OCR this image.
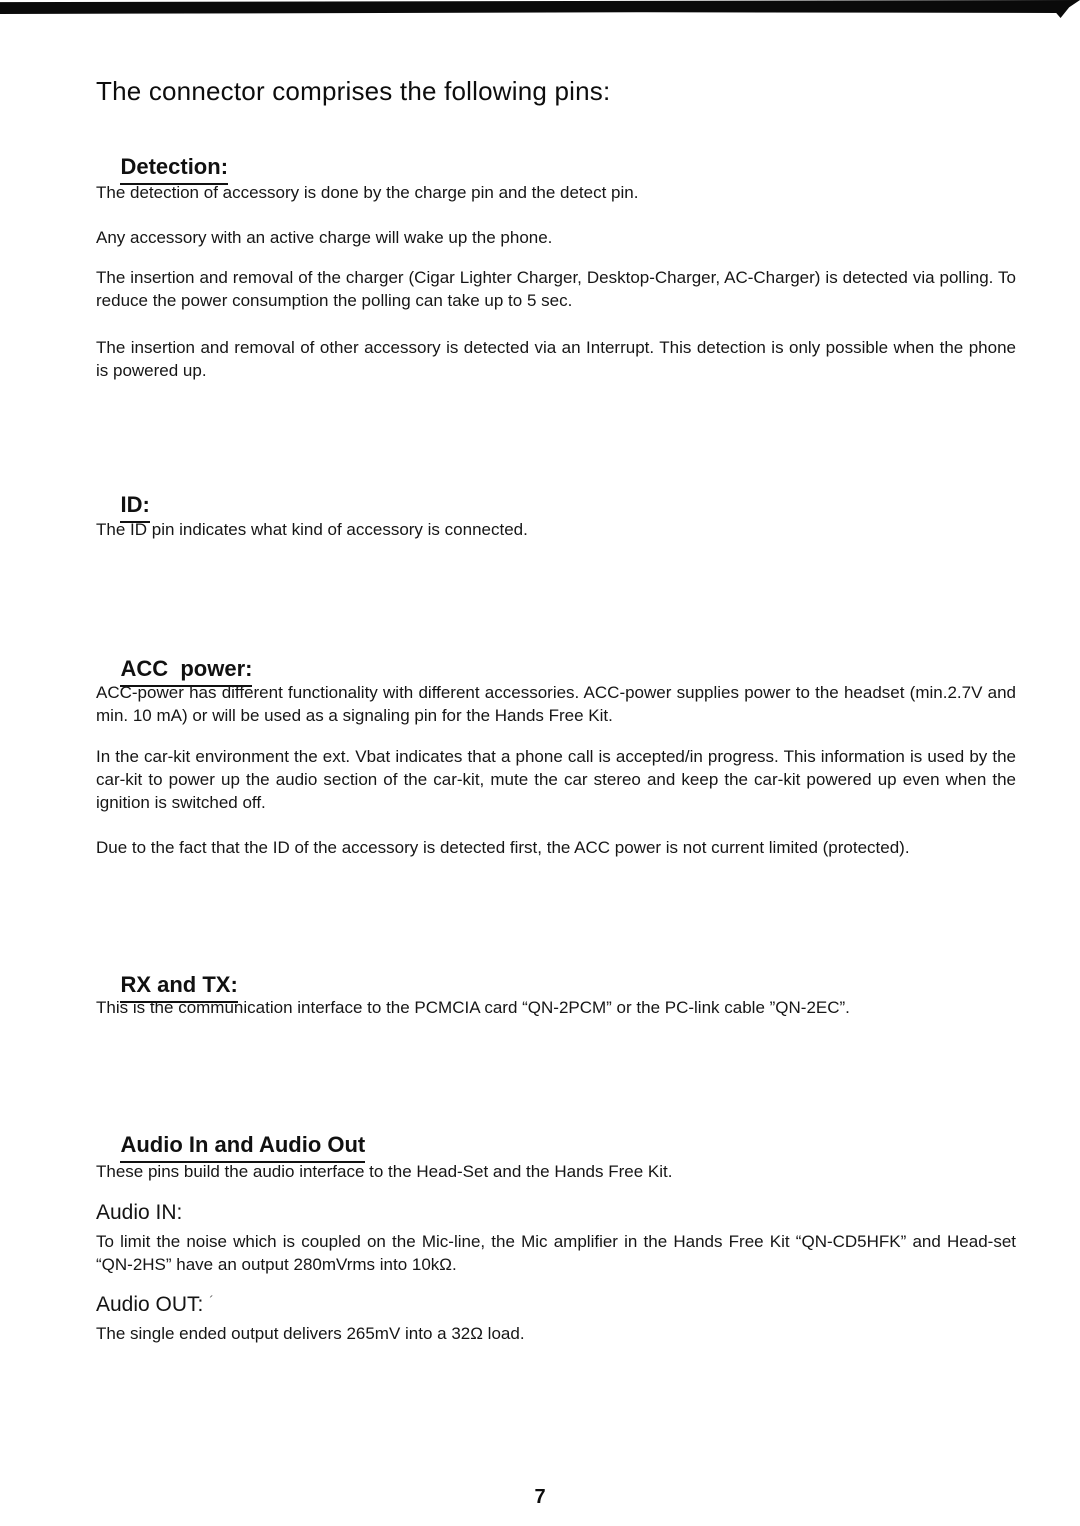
The connector comprises the following pins:

Detection:

The detection of accessory is done by the charge pin and the detect pin.
Any accessory with an active charge will wake up the phone.
The insertion and removal of the charger (Cigar Lighter Charger, Desktop-Charger, AC-Charger) is detected via polling. To reduce the power consumption the polling can take up to 5 sec.
The insertion and removal of other accessory is detected via an Interrupt. This detection is only possible when the phone is powered up.

ID:

The ID pin indicates what kind of accessory is connected.

ACC  power:

ACC-power has different functionality with different accessories. ACC-power supplies power to the headset (min.2.7V and min. 10 mA) or will be used as a signaling pin for the Hands Free Kit.
In the car-kit environment the ext. Vbat indicates that a phone call is accepted/in progress. This information is used by the car-kit to power up the audio section of the car-kit, mute the car stereo and keep the car-kit powered up even when the ignition is switched off.
Due to the fact that the ID of the accessory is detected first, the ACC power is not current limited (protected).

RX and TX:

This is the communication interface to the PCMCIA card “QN-2PCM” or the PC-link cable ”QN-2EC”.

Audio In and Audio Out

These pins build the audio interface to the Head-Set and the Hands Free Kit.
Audio IN:
To limit the noise which is coupled on the Mic-line, the Mic amplifier in the Hands Free Kit “QN-CD5HFK” and Head-set “QN-2HS” have an output 280mVrms into 10kΩ.
Audio OUT: ´
The single ended output delivers 265mV into a 32Ω load.
7
